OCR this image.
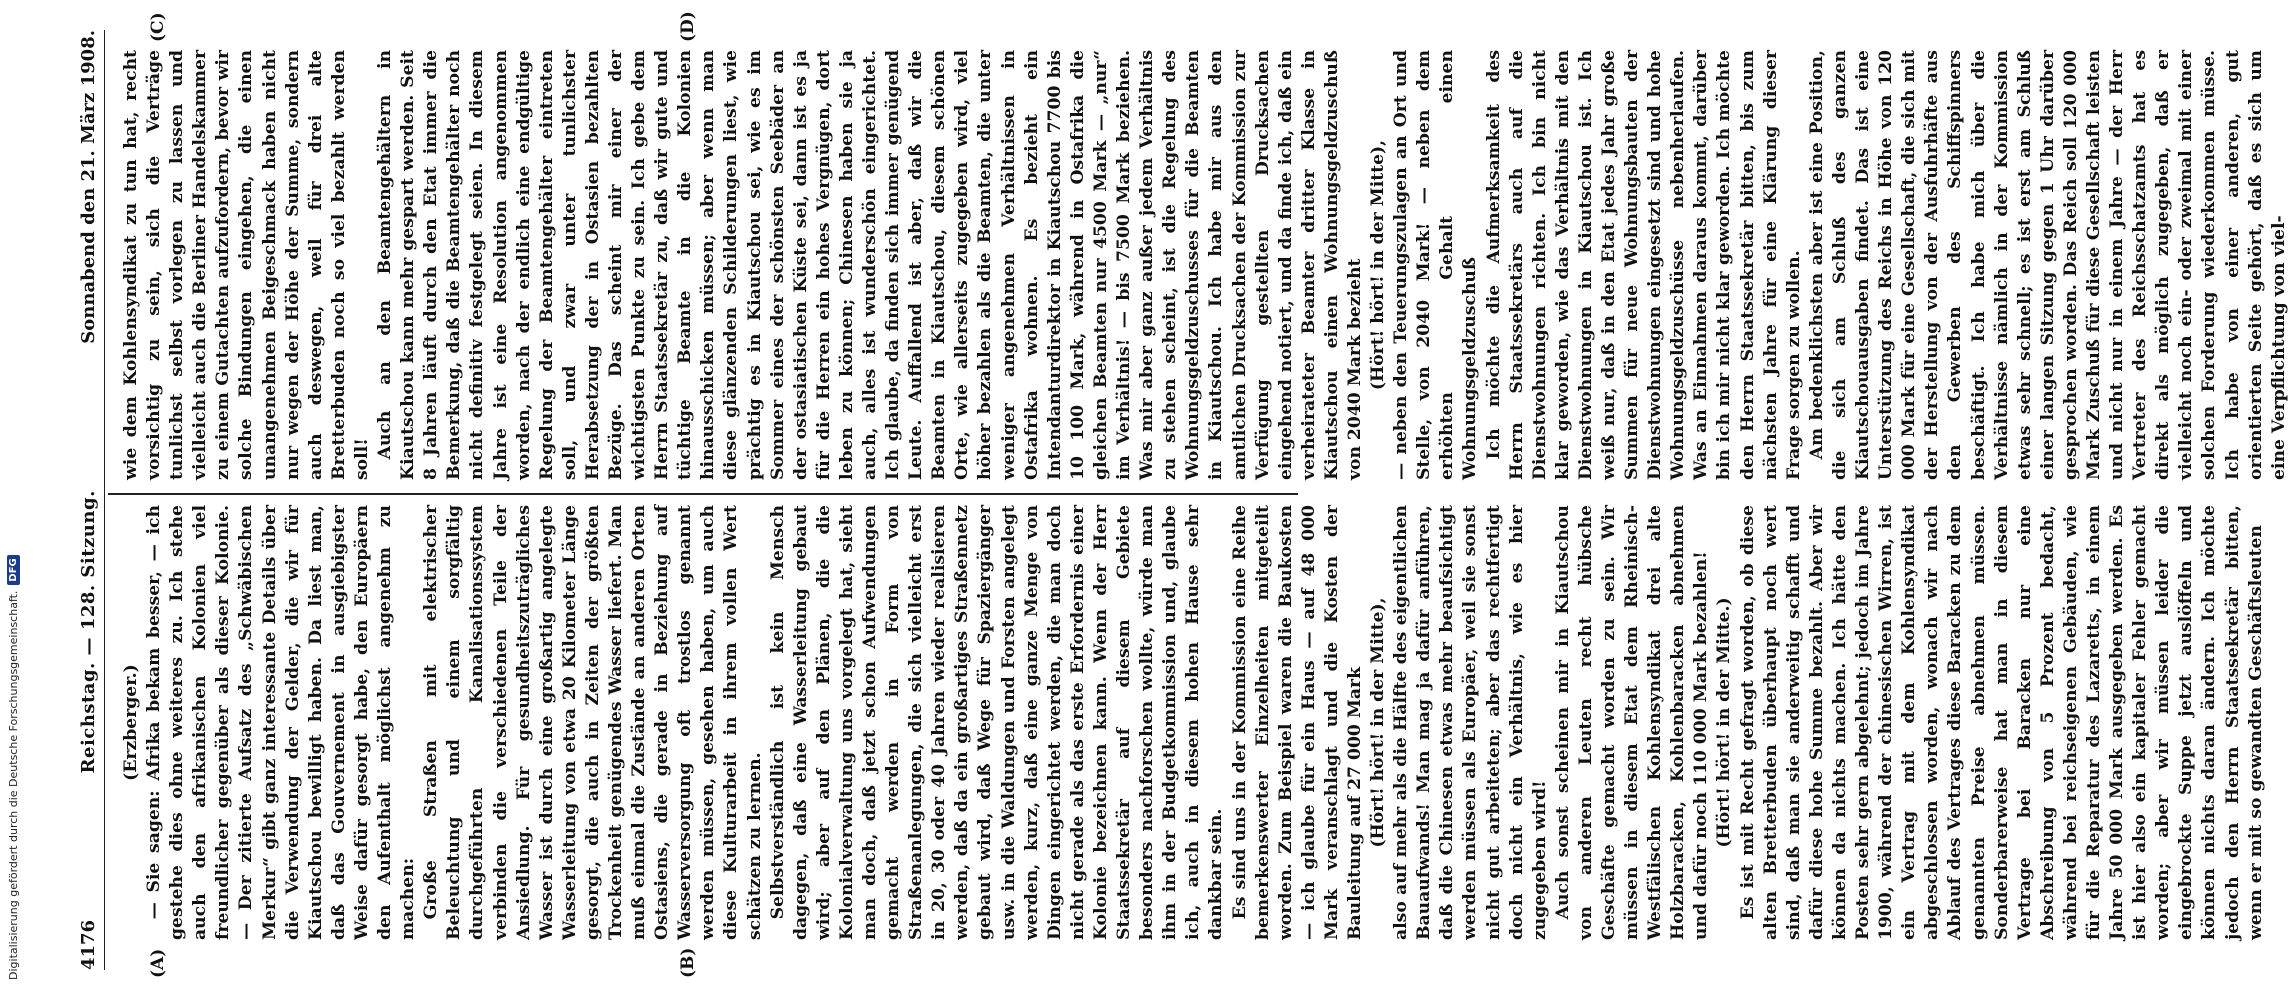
4176
Reichstag. — 128. Sitzung.
Sonnabend den 21. März 1908.
(A)	(B)
(C)	(D)

(Erzberger.) — Sie sagen: Afrika bekam besser, — ich gestehe dies ohne weiteres zu. Ich stehe auch den afrikanischen Kolonien viel freundlicher gegenüber als dieser Kolonie. — Der zitierte Aufsatz des „Schwäbischen Merkur“ gibt ganz interessante Details über die Verwendung der Gelder, die wir für Kiautschou bewilligt haben. Da liest man, daß das Gouvernement in ausgiebigster Weise dafür gesorgt habe, den Europäern den Aufenthalt möglichst angenehm zu machen: Große Straßen mit elektrischer Beleuchtung und einem sorgfältig durchgeführten Kanalisationssystem verbinden die verschiedenen Teile der Ansiedlung. Für gesundheitszuträgliches Wasser ist durch eine großartig angelegte Wasserleitung von etwa 20 Kilometer Länge gesorgt, die auch in Zeiten der größten Trockenheit genügendes Wasser liefert. Man muß einmal die Zustände an anderen Orten Ostasiens, die gerade in Beziehung auf Wasserversorgung oft trostlos genannt werden müssen, gesehen haben, um auch diese Kulturarbeit in ihrem vollen Wert schätzen zu lernen. Selbstverständlich ist kein Mensch dagegen, daß eine Wasserleitung gebaut wird; aber auf den Plänen, die die Kolonialverwaltung uns vorgelegt hat, sieht man doch, daß jetzt schon Aufwendungen gemacht werden in Form von Straßenanlegungen, die sich vielleicht erst in 20, 30 oder 40 Jahren wieder realisieren werden, daß da ein großartiges Straßennetz gebaut wird, daß Wege für Spaziergänger usw. in die Waldungen und Forsten angelegt werden, kurz, daß eine ganze Menge von Dingen eingerichtet werden, die man doch nicht gerade als das erste Erfordernis einer Kolonie bezeichnen kann. Wenn der Herr Staatssekretär auf diesem Gebiete besonders nachforschen wollte, würde man ihm in der Budgetkommission und, glaube ich, auch in diesem hohen Hause sehr dankbar sein. Es sind uns in der Kommission eine Reihe bemerkenswerter Einzelheiten mitgeteilt worden. Zum Beispiel waren die Baukosten — ich glaube für ein Haus — auf 48 000 Mark veranschlagt und die Kosten der Bauleitung auf 27 000 Mark (Hört! hört! in der Mitte), also auf mehr als die Hälfte des eigentlichen Bauaufwands! Man mag ja dafür anführen, daß die Chinesen etwas mehr beaufsichtigt werden müssen als Europäer, weil sie sonst nicht gut arbeiteten; aber das rechtfertigt doch nicht ein Verhältnis, wie es hier zugegeben wird! Auch sonst scheinen mir in Kiautschou von anderen Leuten recht hübsche Geschäfte gemacht worden zu sein. Wir müssen in diesem Etat dem Rheinisch-Westfälischen Kohlensyndikat drei alte Holzbaracken, Kohlenbaracken abnehmen und dafür noch 110 000 Mark bezahlen! (Hört! hört! in der Mitte.) Es ist mit Recht gefragt worden, ob diese alten Bretterbuden überhaupt noch wert sind, daß man sie anderweitig schafft und dafür diese hohe Summe bezahlt. Aber wir können da nichts machen. Ich hätte den Posten sehr gern abgelehnt; jedoch im Jahre 1900, während der chinesischen Wirren, ist ein Vertrag mit dem Kohlensyndikat abgeschlossen worden, wonach wir nach Ablauf des Vertrages diese Baracken zu dem genannten Preise abnehmen müssen. Sonderbarerweise hat man in diesem Vertrage bei Baracken nur eine Abschreibung von 5 Prozent bedacht, während bei reichseigenen Gebäuden, wie für die Reparatur des Lazaretts, in einem Jahre 50 000 Mark ausgegeben werden. Es ist hier also ein kapitaler Fehler gemacht worden; aber wir müssen leider die eingebrockte Suppe jetzt auslöffeln und können nichts daran ändern. Ich möchte jedoch den Herrn Staatssekretär bitten, wenn er mit so gewandten Geschäftsleuten

wie dem Kohlensyndikat zu tun hat, recht vorsichtig zu sein, sich die Verträge tunlichst selbst vorlegen zu lassen und vielleicht auch die Berliner Handelskammer zu einem Gutachten aufzufordern, bevor wir solche Bindungen eingehen, die einen unangenehmen Beigeschmack haben nicht nur wegen der Höhe der Summe, sondern auch deswegen, weil für drei alte Bretterbuden noch so viel bezahlt werden soll! Auch an den Beamtengehältern in Kiautschou kann mehr gespart werden. Seit 8 Jahren läuft durch den Etat immer die Bemerkung, daß die Beamtengehälter noch nicht definitiv festgelegt seien. In diesem Jahre ist eine Resolution angenommen worden, nach der endlich eine endgültige Regelung der Beamtengehälter eintreten soll, und zwar unter tunlichster Herabsetzung der in Ostasien bezahlten Bezüge. Das scheint mir einer der wichtigsten Punkte zu sein. Ich gebe dem Herrn Staatssekretär zu, daß wir gute und tüchtige Beamte in die Kolonien hinausschicken müssen; aber wenn man diese glänzenden Schilderungen liest, wie prächtig es in Kiautschou sei, wie es im Sommer eines der schönsten Seebäder an der ostasiatischen Küste sei, dann ist es ja für die Herren ein hohes Vergnügen, dort leben zu können; Chinesen haben sie ja auch, alles ist wunderschön eingerichtet. Ich glaube, da finden sich immer genügend Leute. Auffallend ist aber, daß wir die Beamten in Kiautschou, diesem schönen Orte, wie allerseits zugegeben wird, viel höher bezahlen als die Beamten, die unter weniger angenehmen Verhältnissen in Ostafrika wohnen. Es bezieht ein Intendanturdirektor in Kiautschou 7700 bis 10 100 Mark, während in Ostafrika die gleichen Beamten nur 4500 Mark — „nur“ im Verhältnis! — bis 7500 Mark beziehen. Was mir aber ganz außer jedem Verhältnis zu stehen scheint, ist die Regelung des Wohnungsgeldzuschusses für die Beamten in Kiautschou. Ich habe mir aus den amtlichen Drucksachen der Kommission zur Verfügung gestellten Drucksachen eingehend notiert, und da finde ich, daß ein verheirateter Beamter dritter Klasse in Kiautschou einen Wohnungsgeldzuschuß von 2040 Mark bezieht (Hört! hört! in der Mitte), — neben den Teuerungszulagen an Ort und Stelle, von 2040 Mark! — neben dem erhöhten Gehalt einen Wohnungsgeldzuschuß Ich möchte die Aufmerksamkeit des Herrn Staatssekretärs auch auf die Dienstwohnungen richten. Ich bin nicht klar geworden, wie das Verhältnis mit den Dienstwohnungen in Kiautschou ist. Ich weiß nur, daß in den Etat jedes Jahr große Summen für neue Wohnungsbauten der Dienstwohnungen eingesetzt sind und hohe Wohnungsgeldzuschüsse nebenherlaufen. Was an Einnahmen daraus kommt, darüber bin ich mir nicht klar geworden. Ich möchte den Herrn Staatssekretär bitten, bis zum nächsten Jahre für eine Klärung dieser Frage sorgen zu wollen. Am bedenklichsten aber ist eine Position, die sich am Schluß des ganzen Kiautschouausgaben findet. Das ist eine Unterstützung des Reichs in Höhe von 120 000 Mark für eine Gesellschaft, die sich mit der Herstellung von der Ausfuhrhäfte aus den Gewerben des Schiffspinners beschäftigt. Ich habe mich über die Verhältnisse nämlich in der Kommission etwas sehr schnell; es ist erst am Schluß einer langen Sitzung gegen 1 Uhr darüber gesprochen worden. Das Reich soll 120 000 Mark Zuschuß für diese Gesellschaft leisten und nicht nur in einem Jahre — der Herr Vertreter des Reichsschatzamts hat es direkt als möglich zugegeben, daß er vielleicht noch ein- oder zweimal mit einer solchen Forderung wiederkommen müsse. Ich habe von einer anderen, gut orientierten Seite gehört, daß es sich um eine Verpflichtung von viel-

Digitalisierung gefördert durch die Deutsche Forschungsgemeinschaft.
DFG
